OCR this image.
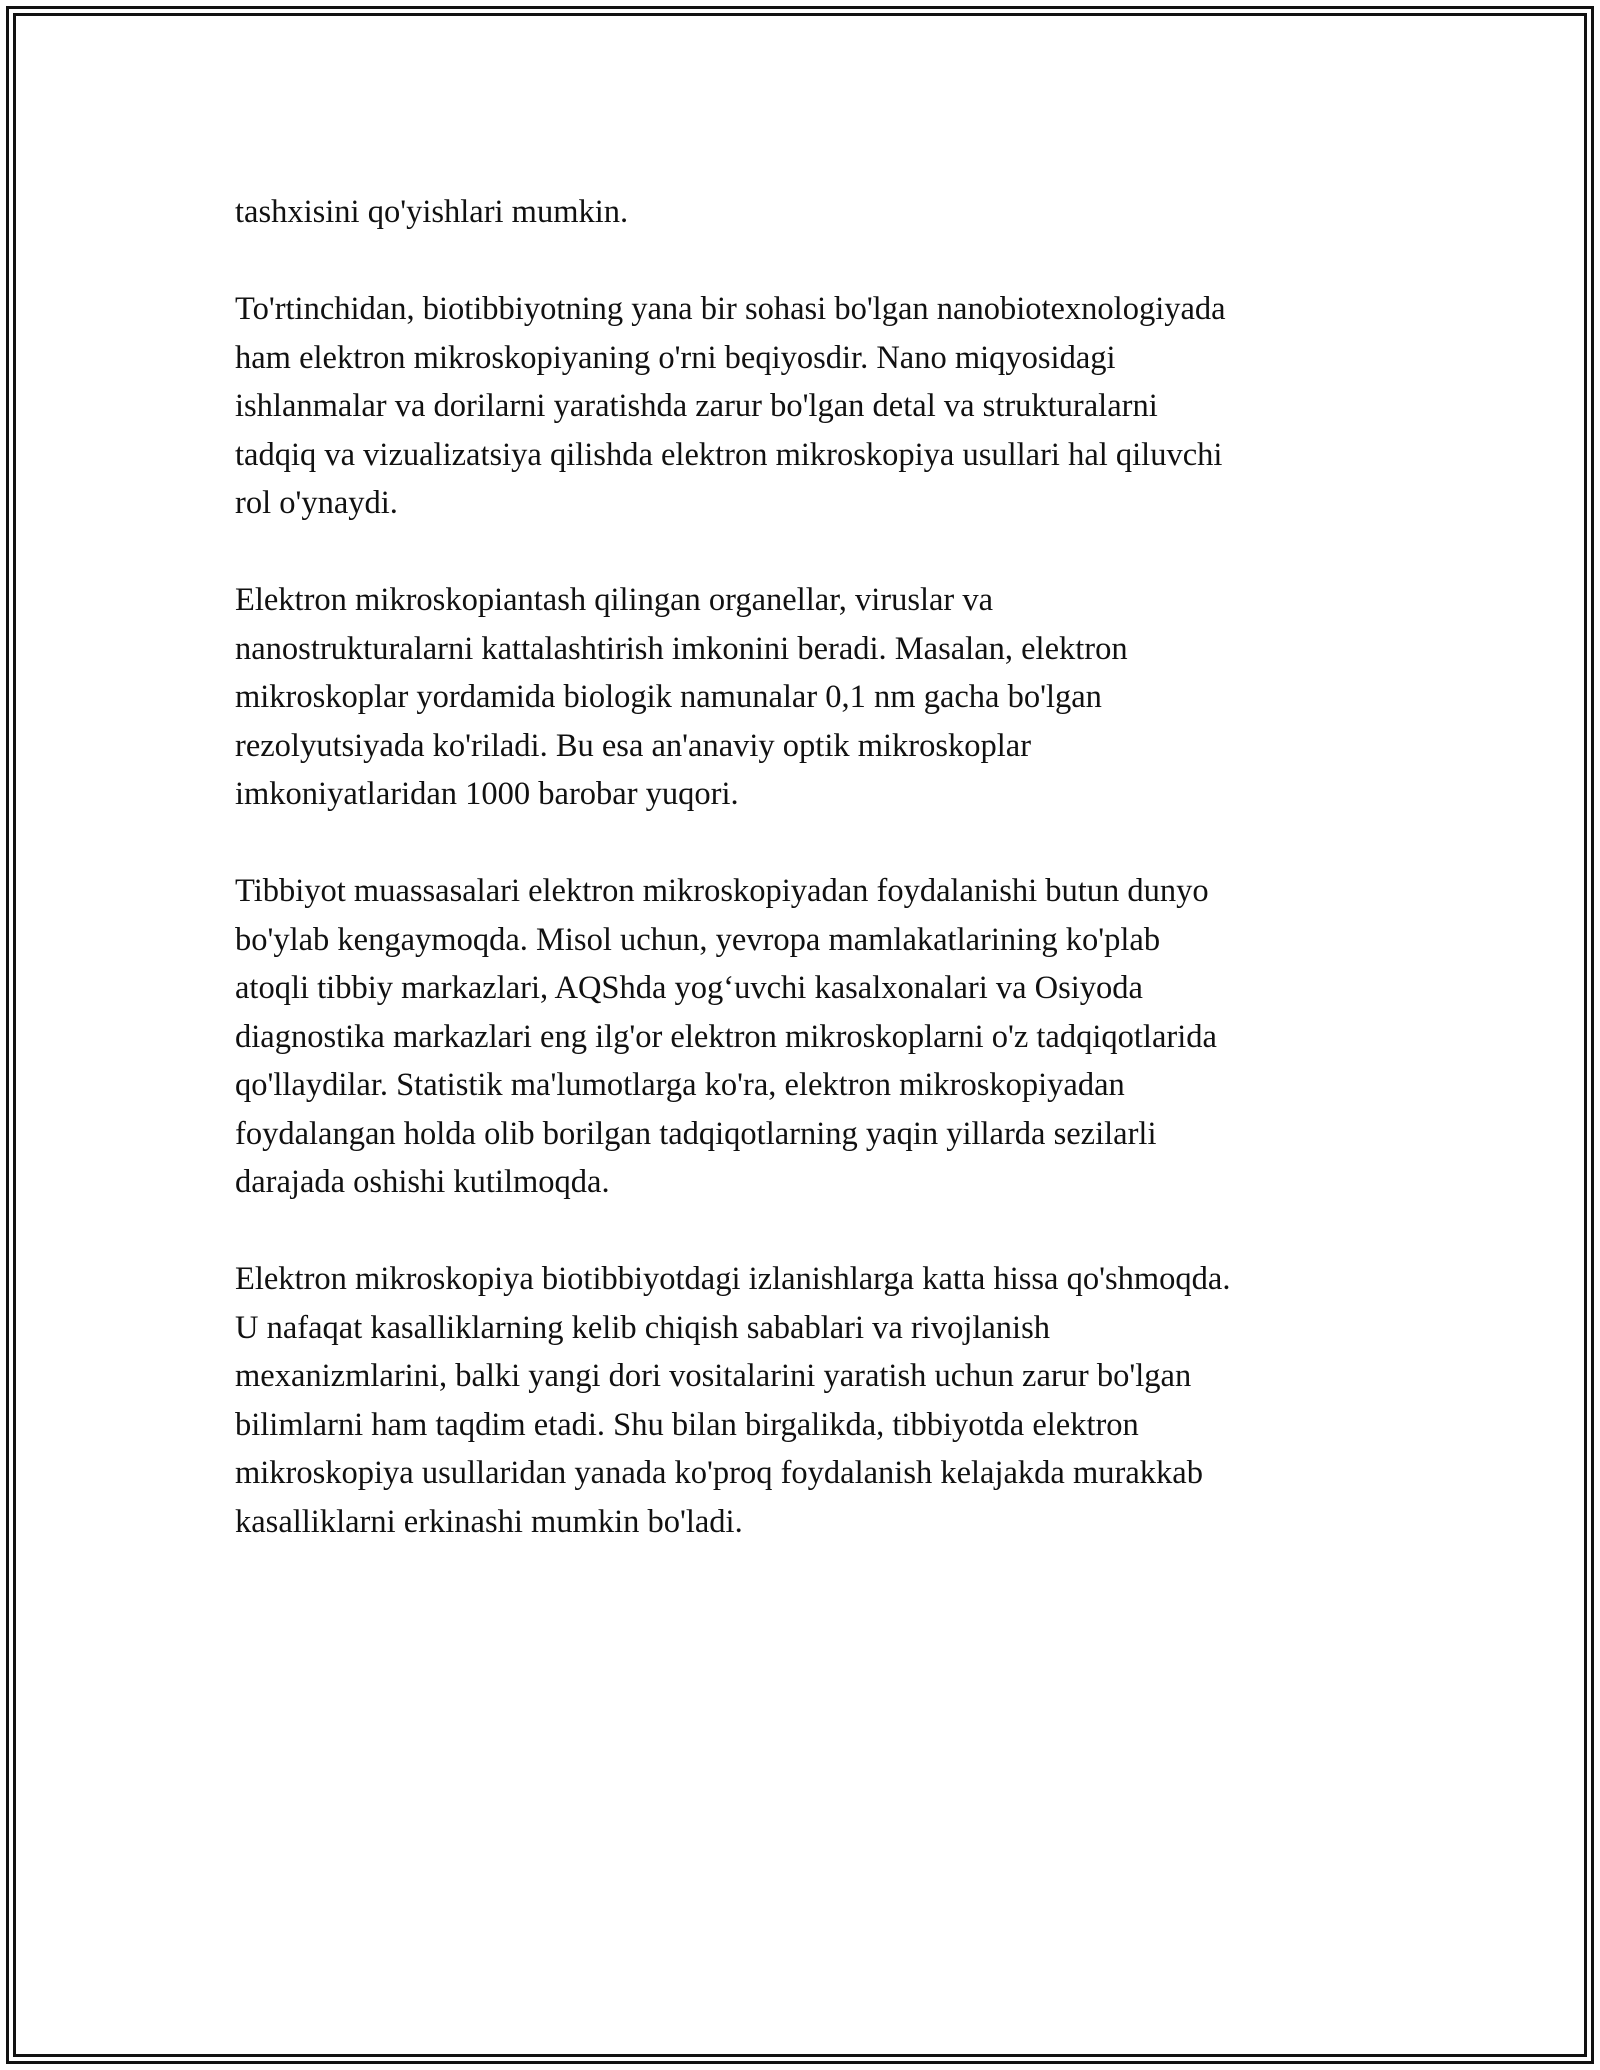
tashxisini qo'yishlari mumkin.

To'rtinchidan, biotibbiyotning yana bir sohasi bo'lgan nanobiotexnologiyada
ham elektron mikroskopiyaning o'rni beqiyosdir. Nano miqyosidagi
ishlanmalar va dorilarni yaratishda zarur bo'lgan detal va strukturalarni
tadqiq va vizualizatsiya qilishda elektron mikroskopiya usullari hal qiluvchi
rol o'ynaydi.

Elektron mikroskopiantash qilingan organellar, viruslar va
nanostrukturalarni kattalashtirish imkonini beradi. Masalan, elektron
mikroskoplar yordamida biologik namunalar 0,1 nm gacha bo'lgan
rezolyutsiyada ko'riladi. Bu esa an'anaviy optik mikroskoplar
imkoniyatlaridan 1000 barobar yuqori.

Tibbiyot muassasalari elektron mikroskopiyadan foydalanishi butun dunyo
bo'ylab kengaymoqda. Misol uchun, yevropa mamlakatlarining ko'plab
atoqli tibbiy markazlari, AQShda yog‘uvchi kasalxonalari va Osiyoda
diagnostika markazlari eng ilg'or elektron mikroskoplarni o'z tadqiqotlarida
qo'llaydilar. Statistik ma'lumotlarga ko'ra, elektron mikroskopiyadan
foydalangan holda olib borilgan tadqiqotlarning yaqin yillarda sezilarli
darajada oshishi kutilmoqda.

Elektron mikroskopiya biotibbiyotdagi izlanishlarga katta hissa qo'shmoqda.
U nafaqat kasalliklarning kelib chiqish sabablari va rivojlanish
mexanizmlarini, balki yangi dori vositalarini yaratish uchun zarur bo'lgan
bilimlarni ham taqdim etadi. Shu bilan birgalikda, tibbiyotda elektron
mikroskopiya usullaridan yanada ko'proq foydalanish kelajakda murakkab
kasalliklarni erkinashi mumkin bo'ladi.
